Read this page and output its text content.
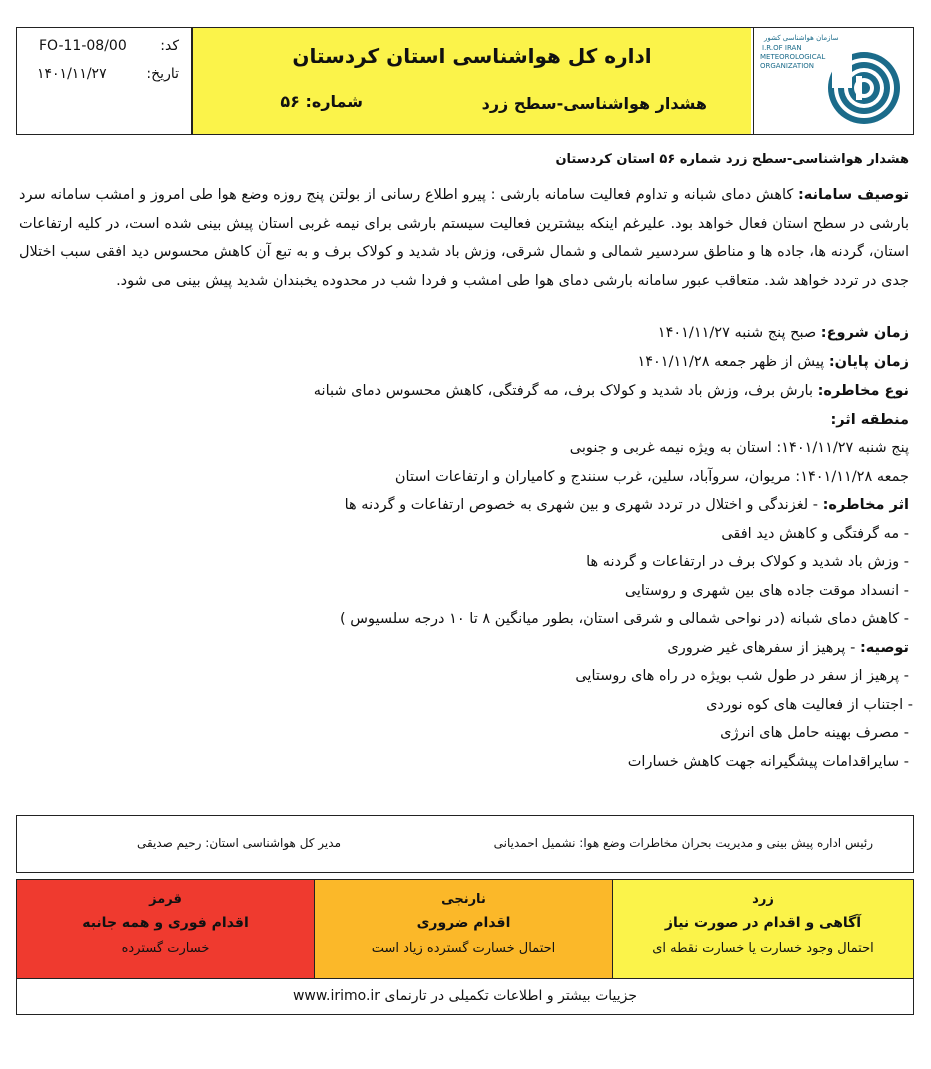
کد:
FO-11-08/00
تاریخ:
۱۴۰۱/۱۱/۲۷
اداره کل هواشناسی استان کردستان
هشدار هواشناسی-سطح زرد
شماره: ۵۶
سازمان هواشناسی کشور
I.R.OF IRAN
METEOROLOGICAL
ORGANIZATION
هشدار هواشناسی-سطح زرد شماره ۵۶ استان کردستان
توصیف سامانه: کاهش دمای شبانه و تداوم فعالیت سامانه بارشی : پیرو اطلاع رسانی از بولتن پنج روزه وضع هوا طی امروز و امشب سامانه سرد بارشی در سطح استان فعال خواهد بود. علیرغم اینکه بیشترین فعالیت سیستم بارشی برای نیمه غربی استان پیش بینی شده است، در کلیه ارتفاعات استان، گردنه ها، جاده ها و مناطق سردسیر شمالی و شمال شرقی، وزش باد شدید و کولاک برف و به تبع آن کاهش محسوس دید افقی سبب اختلال جدی در تردد خواهد شد. متعاقب عبور سامانه بارشی دمای هوا طی امشب و فردا شب در محدوده یخبندان شدید پیش بینی می شود.
زمان شروع: صبح پنج شنبه ۱۴۰۱/۱۱/۲۷
زمان پایان: پیش از ظهر جمعه ۱۴۰۱/۱۱/۲۸
نوع مخاطره: بارش برف، وزش باد شدید و کولاک برف، مه گرفتگی، کاهش محسوس دمای شبانه
منطقه اثر:
پنج شنبه ۱۴۰۱/۱۱/۲۷: استان به ویژه نیمه غربی و جنوبی
جمعه ۱۴۰۱/۱۱/۲۸: مریوان، سروآباد، سلین، غرب سنندج و کامیاران و ارتفاعات استان
اثر مخاطره: - لغزندگی و اختلال در تردد شهری و بین شهری به خصوص ارتفاعات و گردنه ها
- مه گرفتگی و کاهش دید افقی
- وزش باد شدید و کولاک برف در ارتفاعات و گردنه ها
- انسداد موقت جاده های بین شهری و روستایی
- کاهش دمای شبانه (در نواحی شمالی و شرقی استان، بطور میانگین ۸ تا ۱۰ درجه سلسیوس )
توصیه: - پرهیز از سفرهای غیر ضروری
- پرهیز از سفر در طول شب بویژه در راه های روستایی
- اجتناب از فعالیت های کوه نوردی
- مصرف بهینه حامل های انرژی
- سایراقدامات پیشگیرانه جهت کاهش خسارات
رئیس اداره پیش بینی و مدیریت بحران مخاطرات وضع هوا: نشمیل احمدیانی
مدیر کل هواشناسی استان: رحیم صدیقی
قرمز
اقدام فوری و همه جانبه
خسارت گسترده
نارنجی
اقدام ضروری
احتمال خسارت گسترده زیاد است
زرد
آگاهی و اقدام در صورت نیاز
احتمال وجود خسارت یا خسارت نقطه ای
جزییات بیشتر و اطلاعات تکمیلی در تارنمای www.irimo.ir
